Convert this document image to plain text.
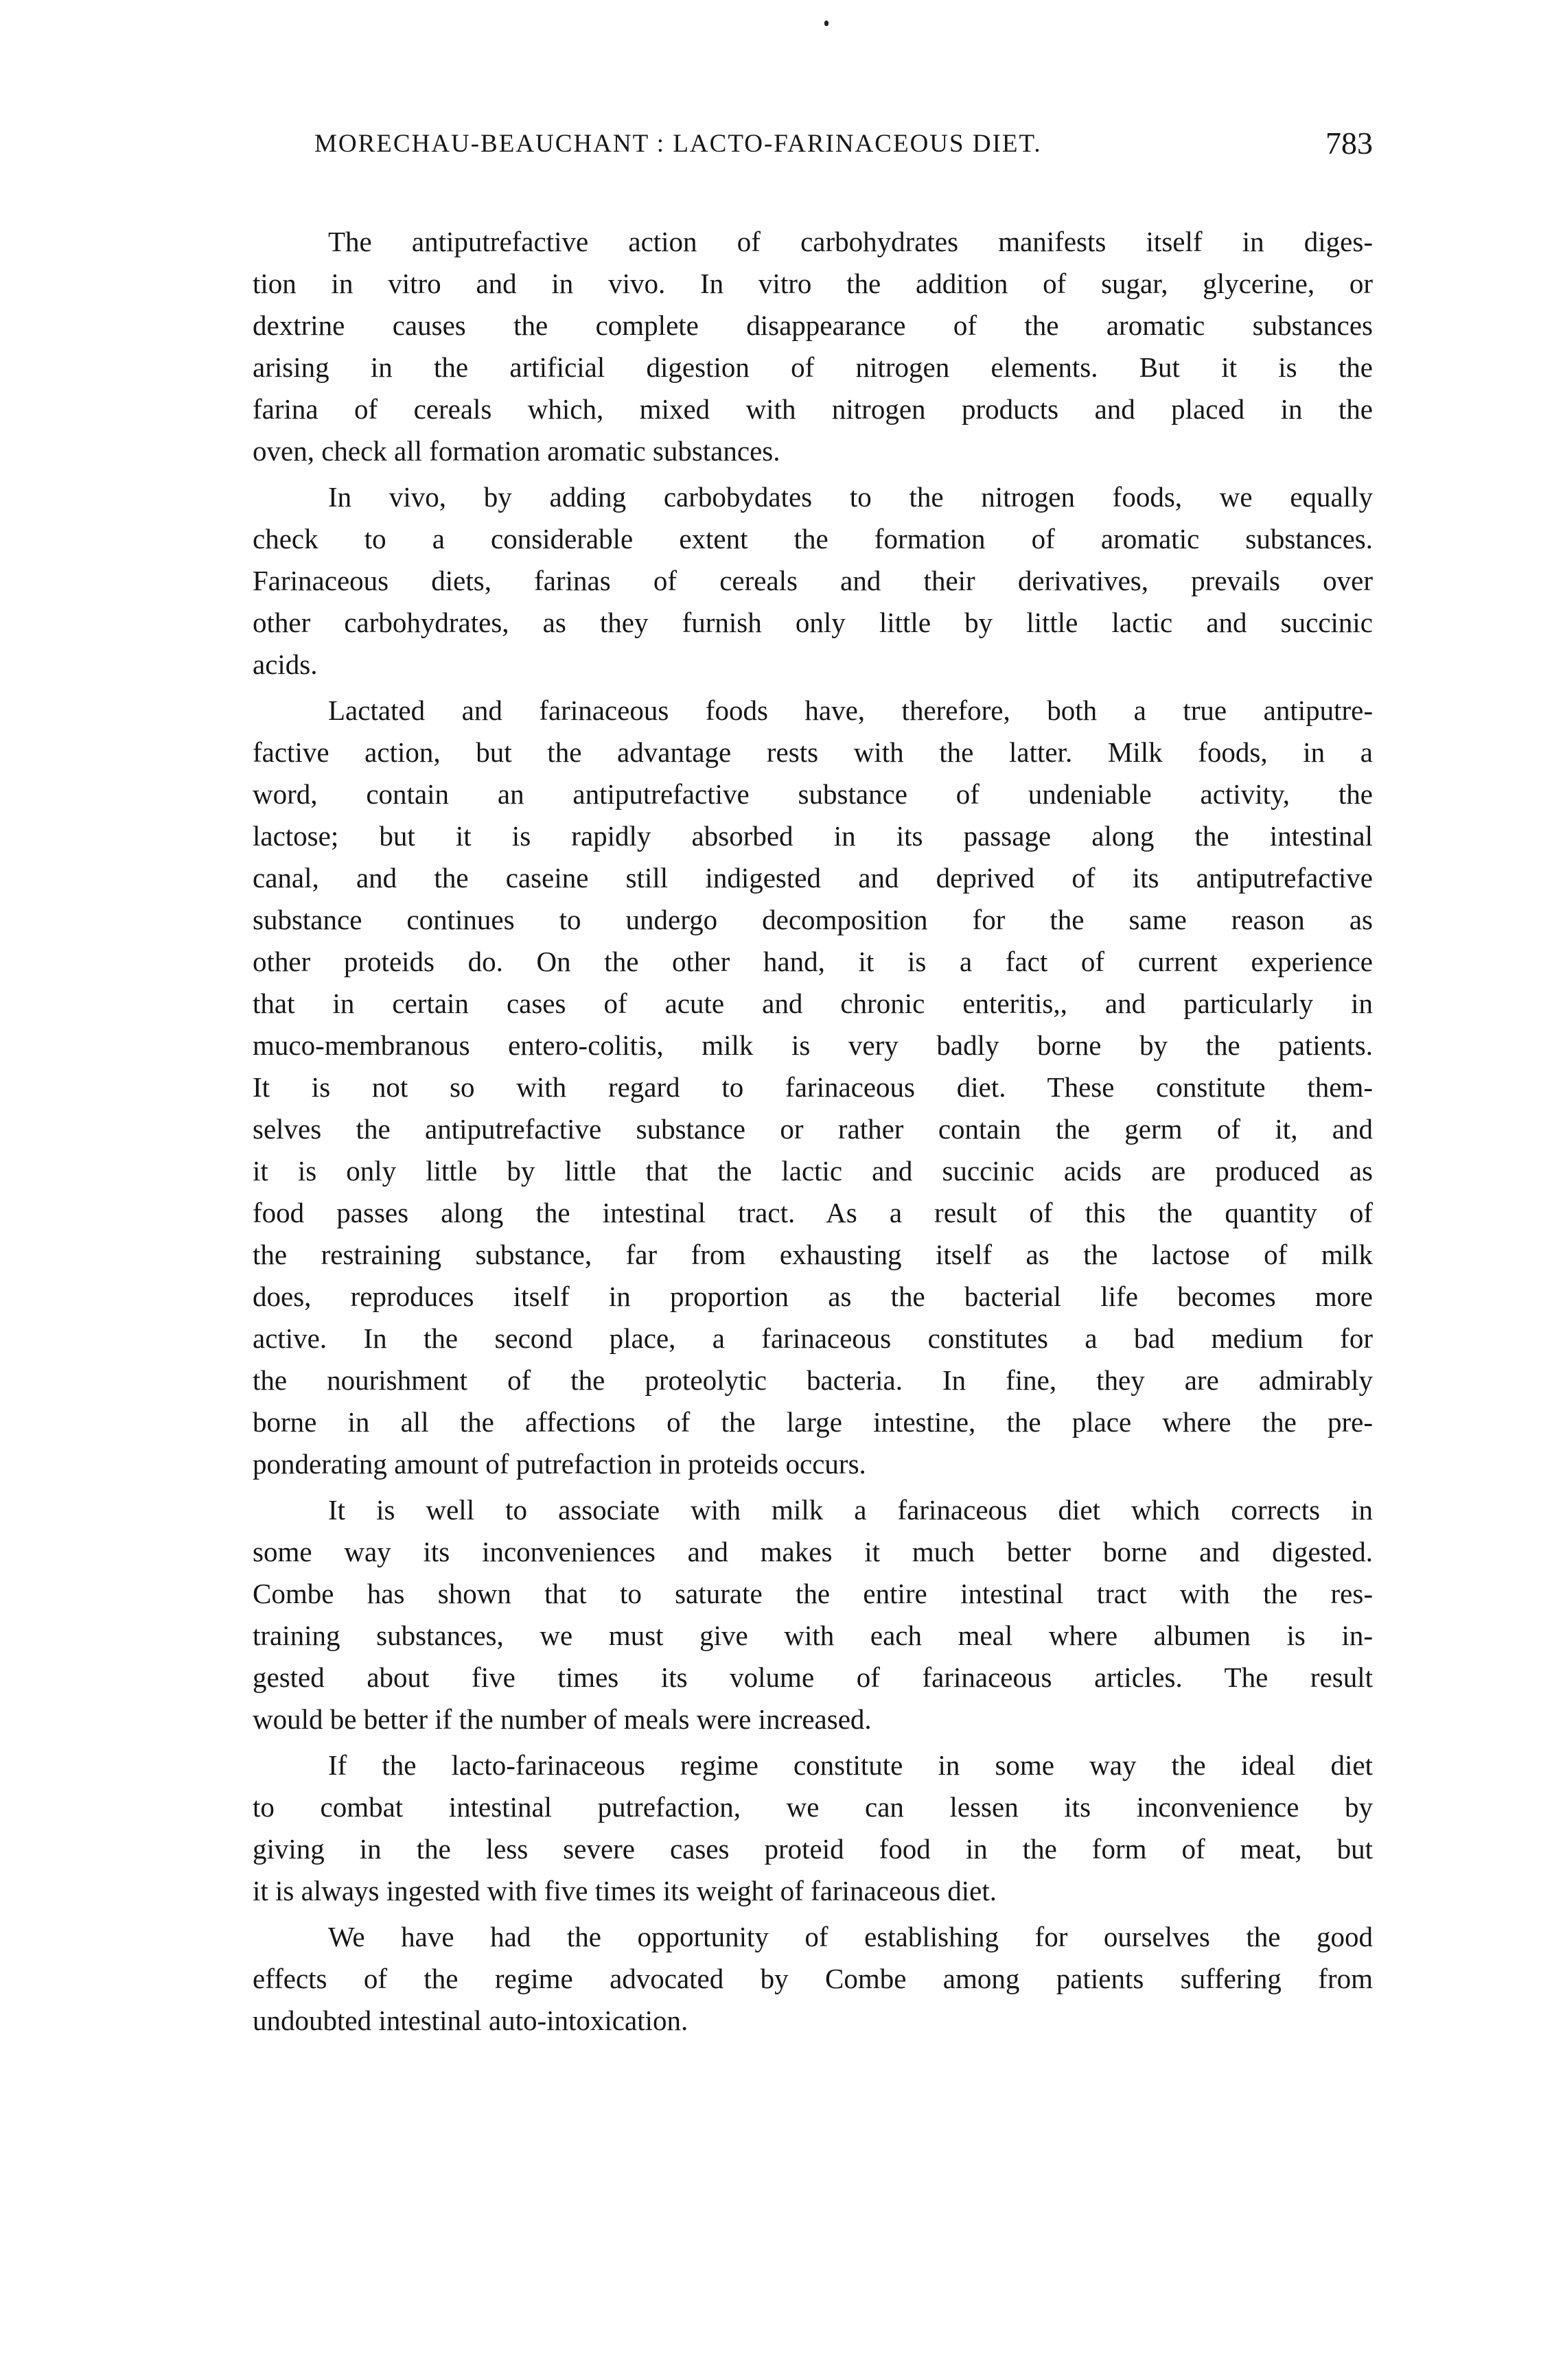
MORECHAU-BEAUCHANT : LACTO-FARINACEOUS DIET.	783
The antiputrefactive action of carbohydrates manifests itself in diges-
tion in vitro and in vivo. In vitro the addition of sugar, glycerine, or
dextrine causes the complete disappearance of the aromatic substances
arising in the artificial digestion of nitrogen elements. But it is the
farina of cereals which, mixed with nitrogen products and placed in the
oven, check all formation aromatic substances.
In vivo, by adding carbobydates to the nitrogen foods, we equally
check to a considerable extent the formation of aromatic substances.
Farinaceous diets, farinas of cereals and their derivatives, prevails over
other carbohydrates, as they furnish only little by little lactic and succinic
acids.
Lactated and farinaceous foods have, therefore, both a true antiputre-
factive action, but the advantage rests with the latter. Milk foods, in a
word, contain an antiputrefactive substance of undeniable activity, the
lactose; but it is rapidly absorbed in its passage along the intestinal
canal, and the caseine still indigested and deprived of its antiputrefactive
substance continues to undergo decomposition for the same reason as
other proteids do. On the other hand, it is a fact of current experience
that in certain cases of acute and chronic enteritis,, and particularly in
muco-membranous entero-colitis, milk is very badly borne by the patients.
It is not so with regard to farinaceous diet. These constitute them-
selves the antiputrefactive substance or rather contain the germ of it, and
it is only little by little that the lactic and succinic acids are produced as
food passes along the intestinal tract. As a result of this the quantity of
the restraining substance, far from exhausting itself as the lactose of milk
does, reproduces itself in proportion as the bacterial life becomes more
active. In the second place, a farinaceous constitutes a bad medium for
the nourishment of the proteolytic bacteria. In fine, they are admirably
borne in all the affections of the large intestine, the place where the pre-
ponderating amount of putrefaction in proteids occurs.
It is well to associate with milk a farinaceous diet which corrects in
some way its inconveniences and makes it much better borne and digested.
Combe has shown that to saturate the entire intestinal tract with the res-
training substances, we must give with each meal where albumen is in-
gested about five times its volume of farinaceous articles. The result
would be better if the number of meals were increased.
If the lacto-farinaceous regime constitute in some way the ideal diet
to combat intestinal putrefaction, we can lessen its inconvenience by
giving in the less severe cases proteid food in the form of meat, but
it is always ingested with five times its weight of farinaceous diet.
We have had the opportunity of establishing for ourselves the good
effects of the regime advocated by Combe among patients suffering from
undoubted intestinal auto-intoxication.
